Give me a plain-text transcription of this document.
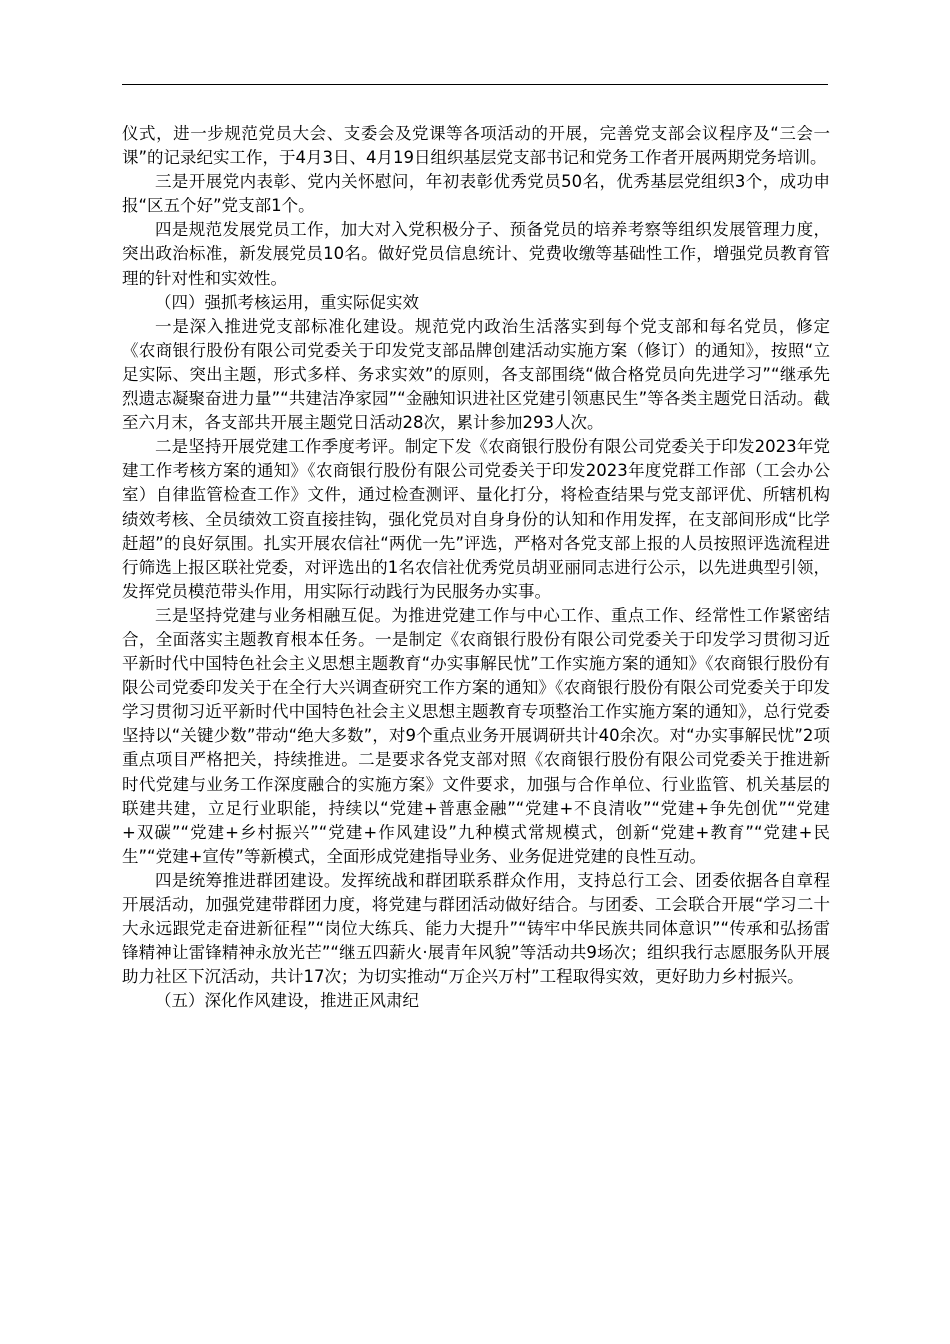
仪式，进一步规范党员大会、支委会及党课等各项活动的开展，完善党支部会议程序及“三会一课”的记录纪实工作，于4月3日、4月19日组织基层党支部书记和党务工作者开展两期党务培训。

三是开展党内表彰、党内关怀慰问，年初表彰优秀党员50名，优秀基层党组织3个，成功申报“区五个好”党支部1个。

四是规范发展党员工作，加大对入党积极分子、预备党员的培养考察等组织发展管理力度，突出政治标准，新发展党员10名。做好党员信息统计、党费收缴等基础性工作，增强党员教育管理的针对性和实效性。

（四）强抓考核运用，重实际促实效

一是深入推进党支部标准化建设。规范党内政治生活落实到每个党支部和每名党员，修定《农商银行股份有限公司党委关于印发党支部品牌创建活动实施方案（修订）的通知》，按照“立足实际、突出主题，形式多样、务求实效”的原则，各支部围绕“做合格党员向先进学习”“继承先烈遗志凝聚奋进力量”“共建洁净家园”“金融知识进社区党建引领惠民生”等各类主题党日活动。截至六月末，各支部共开展主题党日活动28次，累计参加293人次。

二是坚持开展党建工作季度考评。制定下发《农商银行股份有限公司党委关于印发2023年党建工作考核方案的通知》《农商银行股份有限公司党委关于印发2023年度党群工作部（工会办公室）自律监管检查工作》文件，通过检查测评、量化打分，将检查结果与党支部评优、所辖机构绩效考核、全员绩效工资直接挂钩，强化党员对自身身份的认知和作用发挥，在支部间形成“比学赶超”的良好氛围。扎实开展农信社“两优一先”评选，严格对各党支部上报的人员按照评选流程进行筛选上报区联社党委，对评选出的1名农信社优秀党员胡亚丽同志进行公示，以先进典型引领，发挥党员模范带头作用，用实际行动践行为民服务办实事。

三是坚持党建与业务相融互促。为推进党建工作与中心工作、重点工作、经常性工作紧密结合，全面落实主题教育根本任务。一是制定《农商银行股份有限公司党委关于印发学习贯彻习近平新时代中国特色社会主义思想主题教育“办实事解民忧”工作实施方案的通知》《农商银行股份有限公司党委印发关于在全行大兴调查研究工作方案的通知》《农商银行股份有限公司党委关于印发学习贯彻习近平新时代中国特色社会主义思想主题教育专项整治工作实施方案的通知》，总行党委坚持以“关键少数”带动“绝大多数”，对9个重点业务开展调研共计40余次。对“办实事解民忧”2项重点项目严格把关，持续推进。二是要求各党支部对照《农商银行股份有限公司党委关于推进新时代党建与业务工作深度融合的实施方案》文件要求，加强与合作单位、行业监管、机关基层的联建共建，立足行业职能，持续以“党建+普惠金融”“党建+不良清收”“党建+争先创优”“党建+双碳”“党建+乡村振兴”“党建+作风建设”九种模式常规模式，创新“党建+教育”“党建+民生”“党建+宣传”等新模式，全面形成党建指导业务、业务促进党建的良性互动。

四是统筹推进群团建设。发挥统战和群团联系群众作用，支持总行工会、团委依据各自章程开展活动，加强党建带群团力度，将党建与群团活动做好结合。与团委、工会联合开展“学习二十大永远跟党走奋进新征程”“岗位大练兵、能力大提升”“铸牢中华民族共同体意识”“传承和弘扬雷锋精神让雷锋精神永放光芒”“继五四薪火·展青年风貌”等活动共9场次；组织我行志愿服务队开展助力社区下沉活动，共计17次；为切实推动“万企兴万村”工程取得实效，更好助力乡村振兴。

（五）深化作风建设，推进正风肃纪
